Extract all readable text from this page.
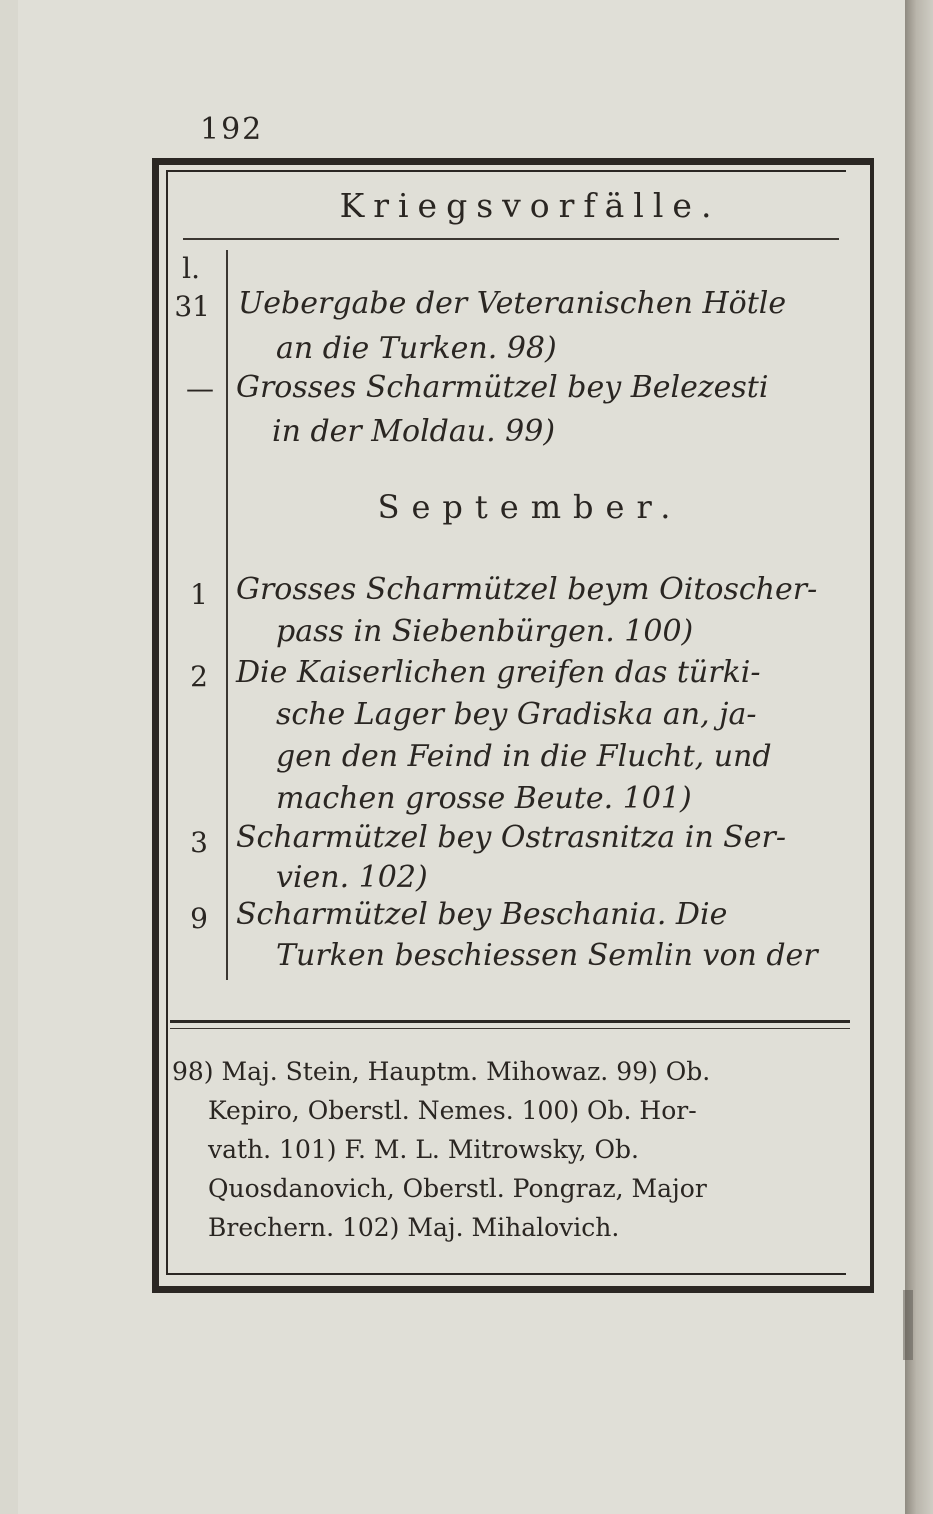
192
Kriegsvorfälle.
l.
31 Uebergabe der Veteranischen Hötle
an die Turken. 98)
— Grosses Scharmützel bey Belezesti
in der Moldau. 99)
September.
1 Grosses Scharmützel beym Oitoscher-
pass in Siebenbürgen. 100)
2 Die Kaiserlichen greifen das türki-
sche Lager bey Gradiska an, ja-
gen den Feind in die Flucht, und
machen grosse Beute. 101)
3 Scharmützel bey Ostrasnitza in Ser-
vien. 102)
9 Scharmützel bey Beschania. Die
Turken beschiessen Semlin von der
98) Maj. Stein, Hauptm. Mihowaz. 99) Ob.
Kepiro, Oberstl. Nemes. 100) Ob. Hor-
vath. 101) F. M. L. Mitrowsky, Ob.
Quosdanovich, Oberstl. Pongraz, Major
Brechern. 102) Maj. Mihalovich.
